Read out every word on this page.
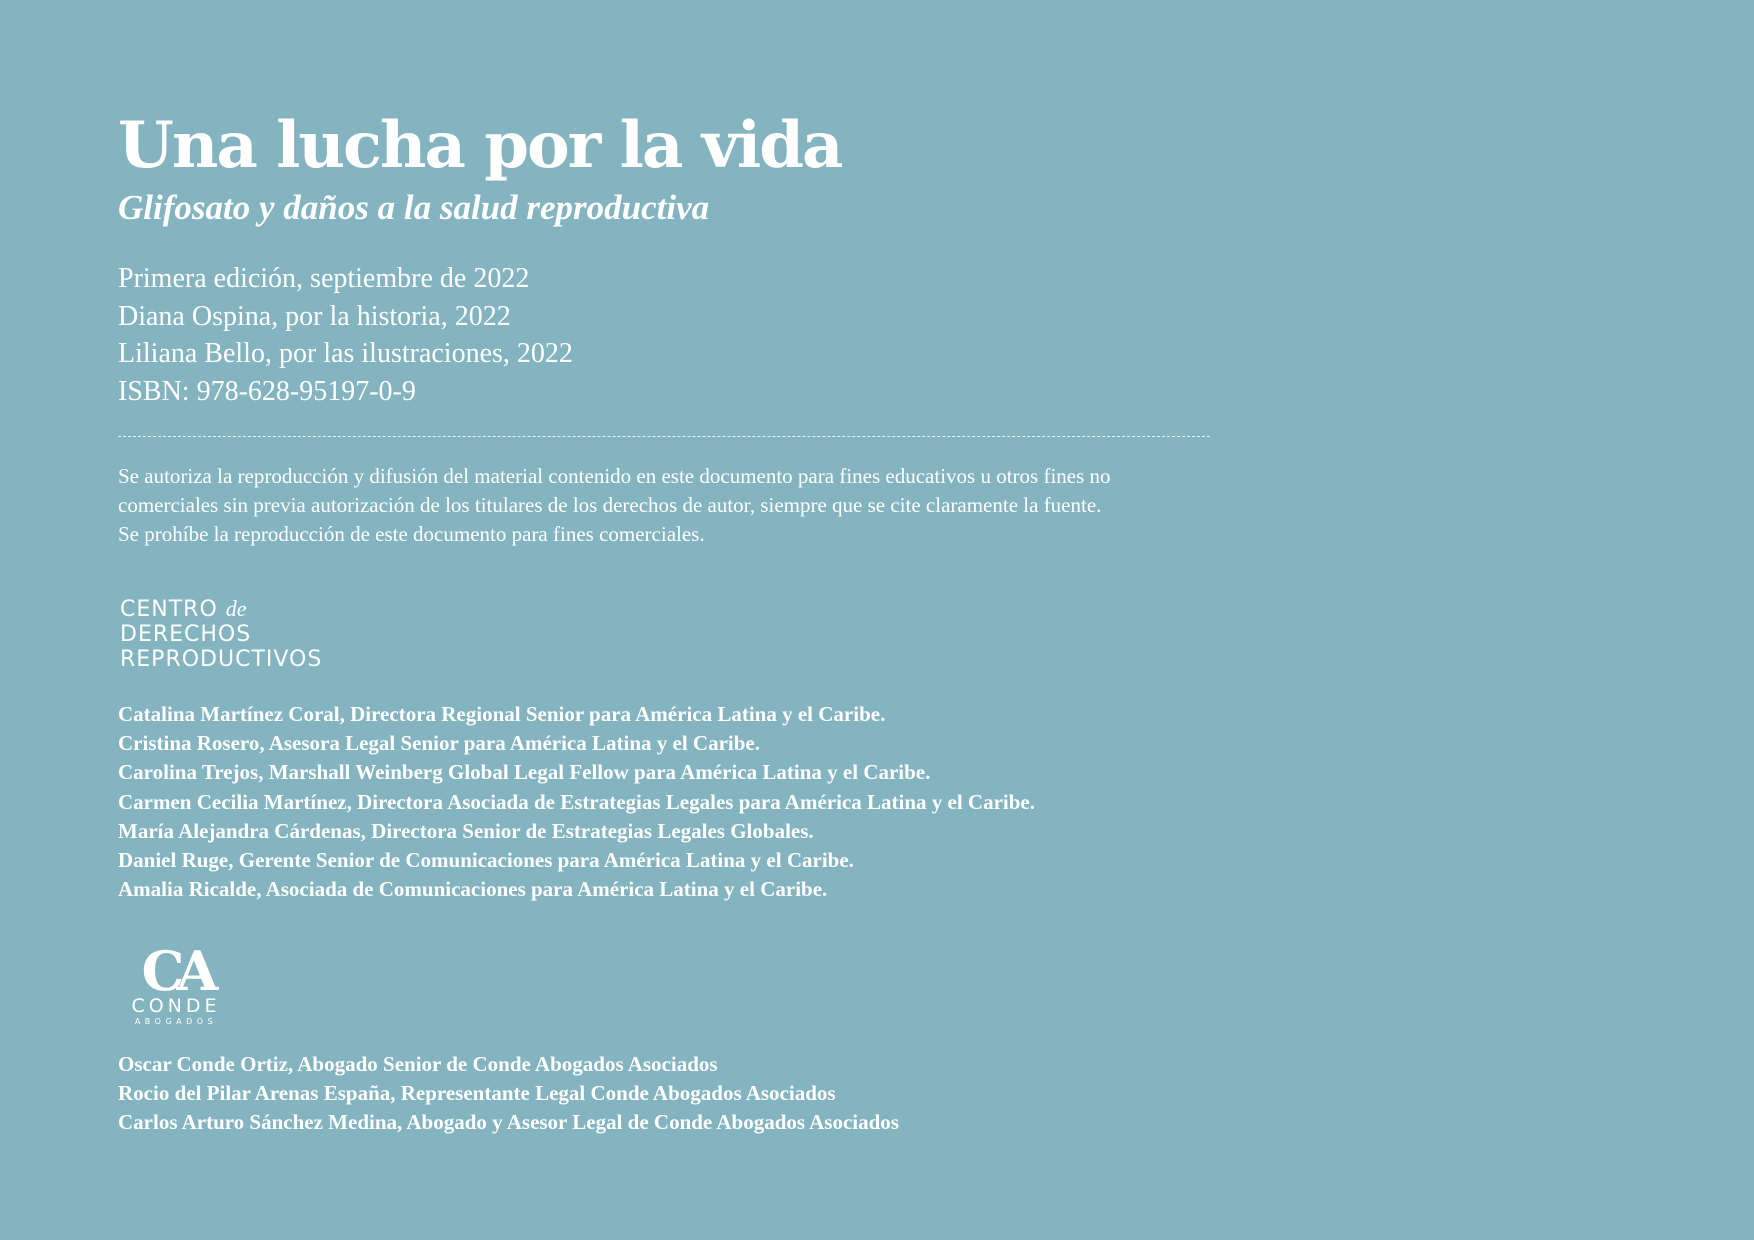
Una lucha por la vida
Glifosato y daños a la salud reproductiva
Primera edición, septiembre de 2022
Diana Ospina, por la historia, 2022
Liliana Bello, por las ilustraciones, 2022
ISBN: 978-628-95197-0-9
Se autoriza la reproducción y difusión del material contenido en este documento para fines educativos u otros fines no
comerciales sin previa autorización de los titulares de los derechos de autor, siempre que se cite claramente la fuente.
Se prohíbe la reproducción de este documento para fines comerciales.
CENTRO de
DERECHOS
REPRODUCTIVOS
Catalina Martínez Coral, Directora Regional Senior para América Latina y el Caribe.
Cristina Rosero, Asesora Legal Senior para América Latina y el Caribe.
Carolina Trejos, Marshall Weinberg Global Legal Fellow para América Latina y el Caribe.
Carmen Cecilia Martínez, Directora Asociada de Estrategias Legales para América Latina y el Caribe.
María Alejandra Cárdenas, Directora Senior de Estrategias Legales Globales.
Daniel Ruge, Gerente Senior de Comunicaciones para América Latina y el Caribe.
Amalia Ricalde, Asociada de Comunicaciones para América Latina y el Caribe.
CA
CONDE
ABOGADOS
Oscar Conde Ortiz, Abogado Senior de Conde Abogados Asociados
Rocio del Pilar Arenas España, Representante Legal Conde Abogados Asociados
Carlos Arturo Sánchez Medina, Abogado y Asesor Legal de Conde Abogados Asociados
